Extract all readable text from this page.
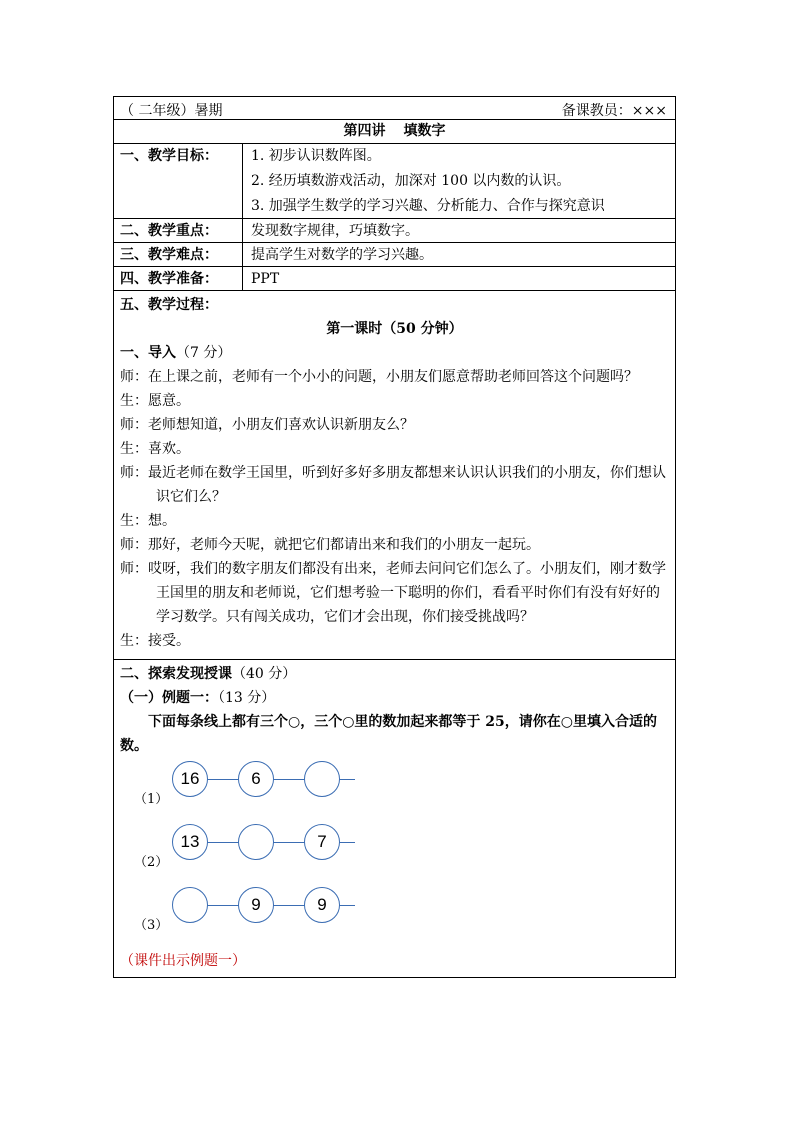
（ 二年级）暑期	备课教员：×××
第四讲 填数字
一、教学目标：	1. 初步认识数阵图。
2. 经历填数游戏活动，加深对 100 以内数的认识。
3. 加强学生数学的学习兴趣、分析能力、合作与探究意识
二、教学重点：	发现数字规律，巧填数字。
三、教学难点：	提高学生对数学的学习兴趣。
四、教学准备：	PPT
五、教学过程：
第一课时（50 分钟）
一、导入（7 分）
师：在上课之前，老师有一个小小的问题，小朋友们愿意帮助老师回答这个问题吗？
生：愿意。
师：老师想知道，小朋友们喜欢认识新朋友么？
生：喜欢。
师：最近老师在数学王国里，听到好多好多朋友都想来认识认识我们的小朋友，你们想认识它们么？
生：想。
师：那好，老师今天呢，就把它们都请出来和我们的小朋友一起玩。
师：哎呀，我们的数字朋友们都没有出来，老师去问问它们怎么了。小朋友们，刚才数学王国里的朋友和老师说，它们想考验一下聪明的你们，看看平时你们有没有好好的学习数学。只有闯关成功，它们才会出现，你们接受挑战吗？
生：接受。
二、探索发现授课（40 分）
（一）例题一：（13 分）
下面每条线上都有三个○，三个○里的数加起来都等于 25，请你在○里填入合适的数。
（1）
16	6
（2）
13	7
（3）
9	9
（课件出示例题一）
